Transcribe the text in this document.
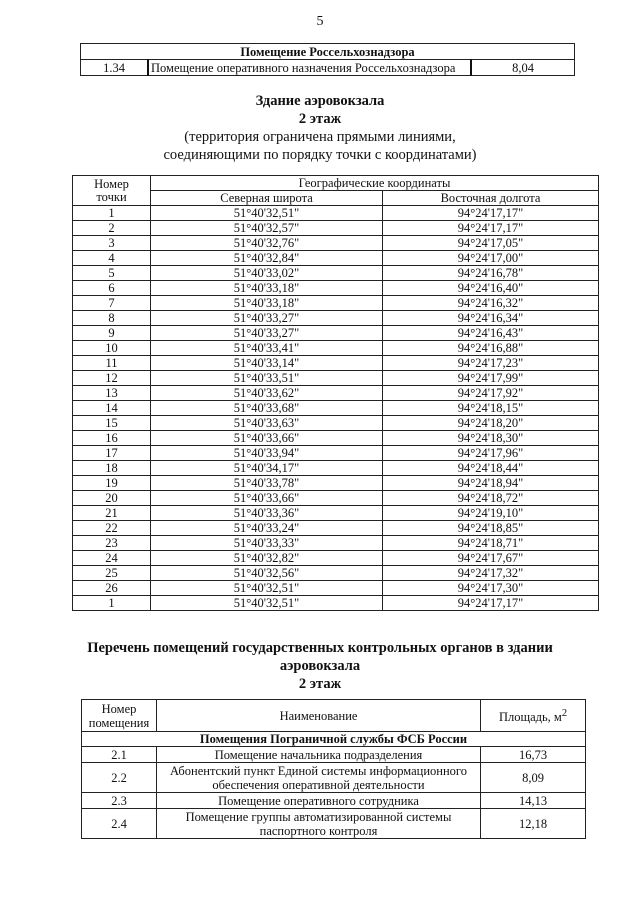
5
Помещение Россельхознадзора
1.34	Помещение оперативного назначения Россельхознадзора	8,04
Здание аэровокзала
2 этаж
(территория ограничена прямыми линиями,
соединяющими по порядку точки с координатами)
Номер
точки	Географические координаты	
	Северная широта	Восточная долгота
1	51°40'32,51"	94°24'17,17"
2	51°40'32,57"	94°24'17,17"
3	51°40'32,76"	94°24'17,05"
4	51°40'32,84"	94°24'17,00"
5	51°40'33,02"	94°24'16,78"
6	51°40'33,18"	94°24'16,40"
7	51°40'33,18"	94°24'16,32"
8	51°40'33,27"	94°24'16,34"
9	51°40'33,27"	94°24'16,43"
10	51°40'33,41"	94°24'16,88"
11	51°40'33,14"	94°24'17,23"
12	51°40'33,51"	94°24'17,99"
13	51°40'33,62"	94°24'17,92"
14	51°40'33,68"	94°24'18,15"
15	51°40'33,63"	94°24'18,20"
16	51°40'33,66"	94°24'18,30"
17	51°40'33,94"	94°24'17,96"
18	51°40'34,17"	94°24'18,44"
19	51°40'33,78"	94°24'18,94"
20	51°40'33,66"	94°24'18,72"
21	51°40'33,36"	94°24'19,10"
22	51°40'33,24"	94°24'18,85"
23	51°40'33,33"	94°24'18,71"
24	51°40'32,82"	94°24'17,67"
25	51°40'32,56"	94°24'17,32"
26	51°40'32,51"	94°24'17,30"
1	51°40'32,51"	94°24'17,17"
Перечень помещений государственных контрольных органов в здании
аэровокзала
2 этаж
Номер
помещения	Наименование	Площадь, $м^2$
Помещения Пограничной службы ФСБ России		
2.1	Помещение начальника подразделения	16,73
2.2	Абонентский пункт Единой системы информационного
обеспечения оперативной деятельности	8,09
2.3	Помещение оперативного сотрудника	14,13
2.4	Помещение группы автоматизированной системы
паспортного контроля	12,18
